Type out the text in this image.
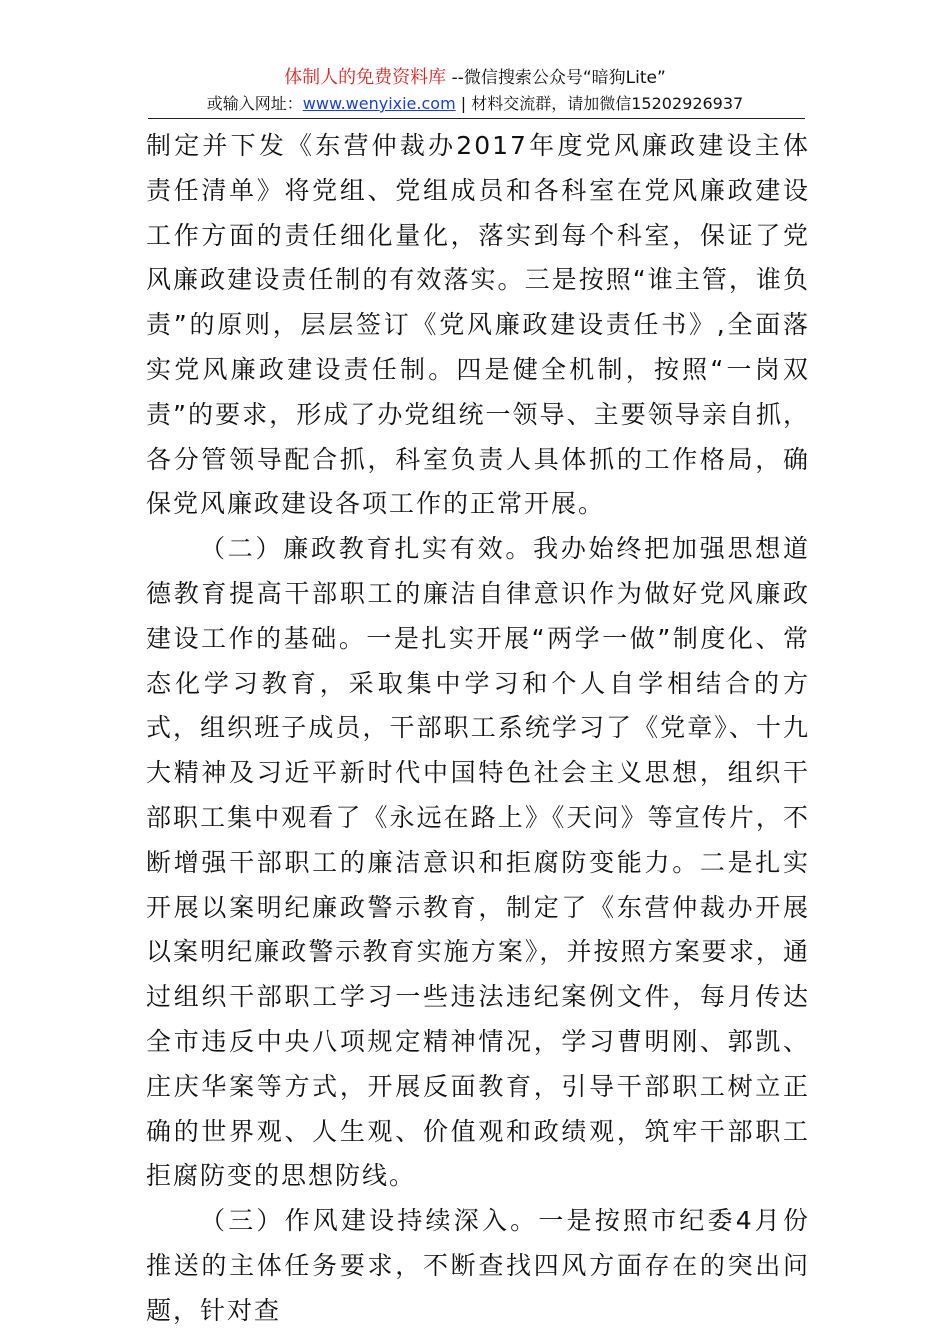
体制人的免费资料库 --微信搜索公众号“暗狗Lite”
或输入网址：www.wenyixie.com | 材料交流群，请加微信15202926937

制定并下发《东营仲裁办2017年度党风廉政建设主体责任清单》将党组、党组成员和各科室在党风廉政建设工作方面的责任细化量化，落实到每个科室，保证了党风廉政建设责任制的有效落实。三是按照“谁主管，谁负责”的原则，层层签订《党风廉政建设责任书》,全面落实党风廉政建设责任制。四是健全机制，按照“一岗双责”的要求，形成了办党组统一领导、主要领导亲自抓，各分管领导配合抓，科室负责人具体抓的工作格局，确保党风廉政建设各项工作的正常开展。

（二）廉政教育扎实有效。我办始终把加强思想道德教育提高干部职工的廉洁自律意识作为做好党风廉政建设工作的基础。一是扎实开展“两学一做”制度化、常态化学习教育，采取集中学习和个人自学相结合的方式，组织班子成员，干部职工系统学习了《党章》、十九大精神及习近平新时代中国特色社会主义思想，组织干部职工集中观看了《永远在路上》《天问》等宣传片，不断增强干部职工的廉洁意识和拒腐防变能力。二是扎实开展以案明纪廉政警示教育，制定了《东营仲裁办开展以案明纪廉政警示教育实施方案》，并按照方案要求，通过组织干部职工学习一些违法违纪案例文件，每月传达全市违反中央八项规定精神情况，学习曹明刚、郭凯、庄庆华案等方式，开展反面教育，引导干部职工树立正确的世界观、人生观、价值观和政绩观，筑牢干部职工拒腐防变的思想防线。

（三）作风建设持续深入。一是按照市纪委4月份推送的主体任务要求，不断查找四风方面存在的突出问题，针对查
